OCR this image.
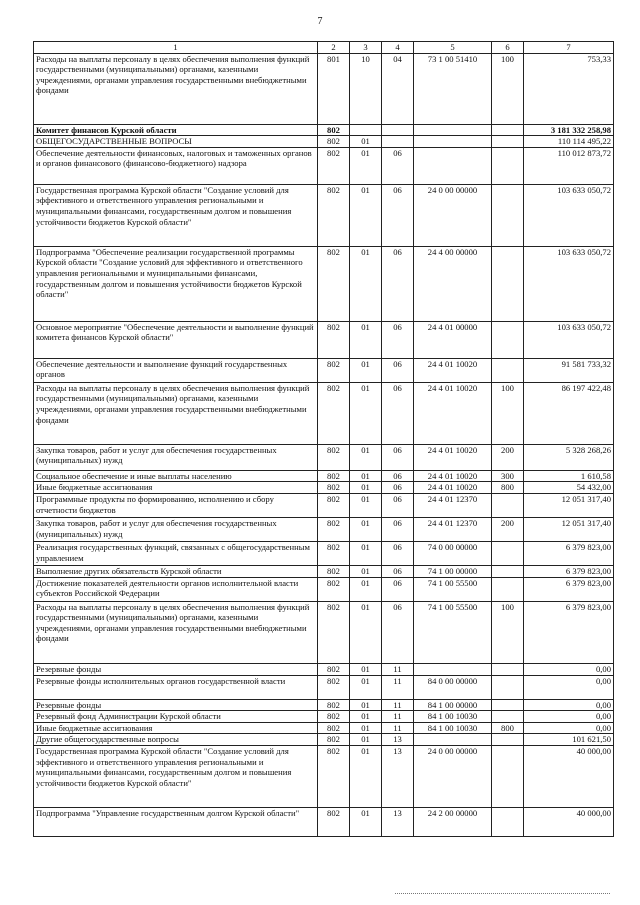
7
1	2	3	4	5	6	7
Расходы на выплаты персоналу в целях обеспечения выполнения функций государственными (муниципальными) органами, казенными учреждениями, органами управления государственными внебюджетными фондами	801	10	04	73 1 00 51410	100	753,33
Комитет финансов Курской области	802					3 181 332 258,98
ОБЩЕГОСУДАРСТВЕННЫЕ ВОПРОСЫ	802	01				110 114 495,22
Обеспечение деятельности финансовых, налоговых и таможенных органов и органов финансового (финансово-бюджетного) надзора	802	01	06			110 012 873,72
Государственная программа Курской области "Создание условий для эффективного и ответственного управления региональными и муниципальными финансами, государственным долгом и повышения устойчивости бюджетов Курской области"	802	01	06	24 0 00 00000		103 633 050,72
Подпрограмма "Обеспечение реализации государственной программы Курской области "Создание условий для эффективного и ответственного управления региональными и муниципальными финансами, государственным долгом и повышения устойчивости бюджетов Курской области"	802	01	06	24 4 00 00000		103 633 050,72
Основное мероприятие "Обеспечение деятельности и выполнение функций комитета финансов Курской области"	802	01	06	24 4 01 00000		103 633 050,72
Обеспечение деятельности и выполнение функций государственных органов	802	01	06	24 4 01 10020		91 581 733,32
Расходы на выплаты персоналу в целях обеспечения выполнения функций государственными (муниципальными) органами, казенными учреждениями, органами управления государственными внебюджетными фондами	802	01	06	24 4 01 10020	100	86 197 422,48
Закупка товаров, работ и услуг для обеспечения государственных (муниципальных) нужд	802	01	06	24 4 01 10020	200	5 328 268,26
Социальное обеспечение и иные выплаты населению	802	01	06	24 4 01 10020	300	1 610,58
Иные бюджетные ассигнования	802	01	06	24 4 01 10020	800	54 432,00
Программные продукты по формированию, исполнению и сбору отчетности бюджетов	802	01	06	24 4 01 12370		12 051 317,40
Закупка товаров, работ и услуг для обеспечения государственных (муниципальных) нужд	802	01	06	24 4 01 12370	200	12 051 317,40
Реализация государственных функций, связанных с общегосударственным управлением	802	01	06	74 0 00 00000		6 379 823,00
Выполнение других обязательств Курской области	802	01	06	74 1 00 00000		6 379 823,00
Достижение показателей деятельности органов исполнительной власти субъектов Российской Федерации	802	01	06	74 1 00 55500		6 379 823,00
Расходы на выплаты персоналу в целях обеспечения выполнения функций государственными (муниципальными) органами, казенными учреждениями, органами управления государственными внебюджетными фондами	802	01	06	74 1 00 55500	100	6 379 823,00
Резервные фонды	802	01	11			0,00
Резервные фонды исполнительных органов государственной власти	802	01	11	84 0 00 00000		0,00
Резервные фонды	802	01	11	84 1 00 00000		0,00
Резервный фонд Администрации Курской области	802	01	11	84 1 00 10030		0,00
Иные бюджетные ассигнования	802	01	11	84 1 00 10030	800	0,00
Другие общегосударственные вопросы	802	01	13			101 621,50
Государственная программа Курской области "Создание условий для эффективного и ответственного управления региональными и муниципальными финансами, государственным долгом и повышения устойчивости бюджетов Курской области"	802	01	13	24 0 00 00000		40 000,00
Подпрограмма "Управление государственным долгом Курской области"	802	01	13	24 2 00 00000		40 000,00
